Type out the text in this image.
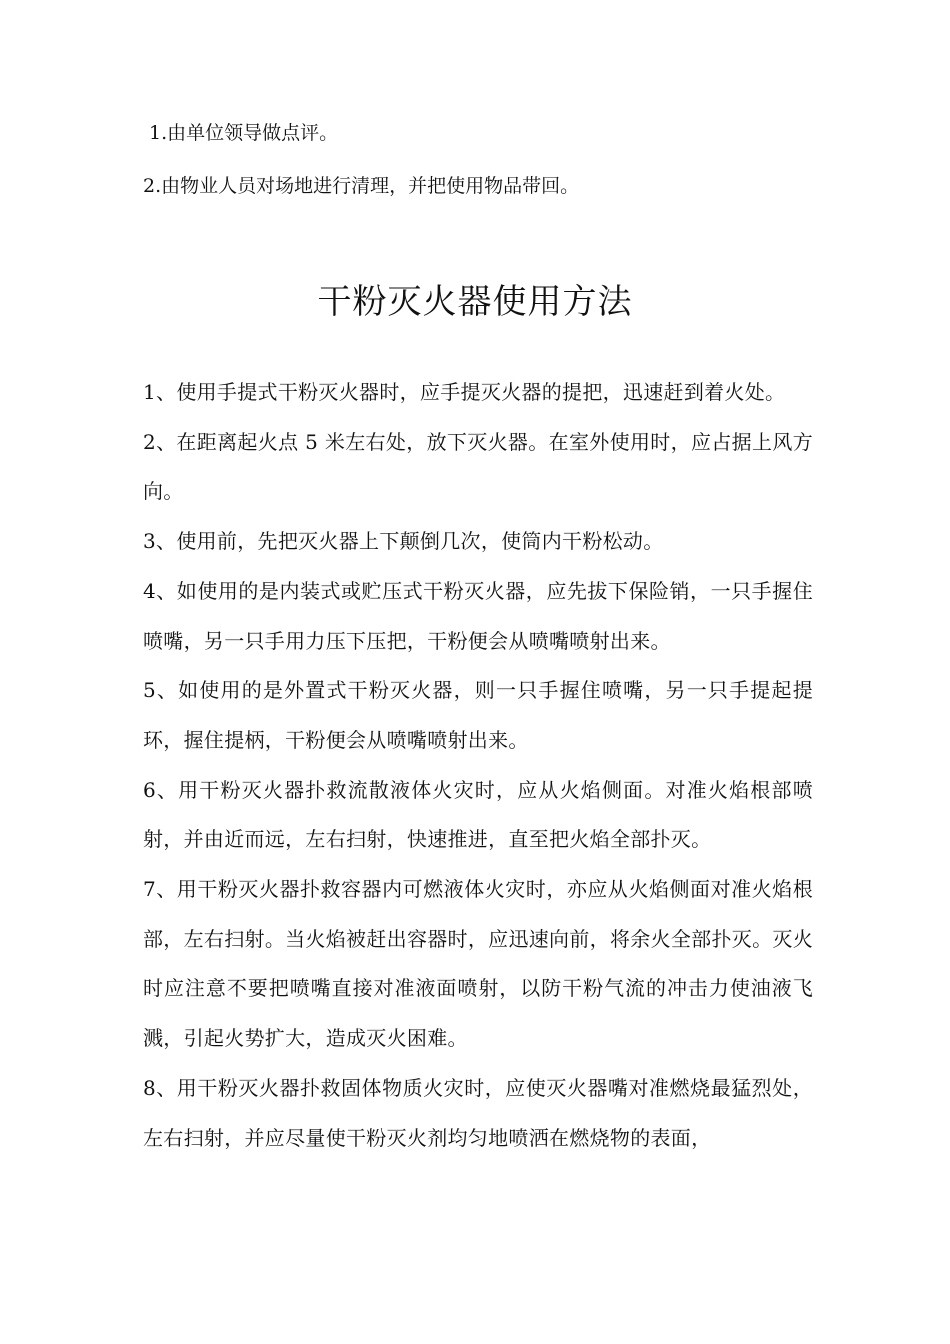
1.由单位领导做点评。
2.由物业人员对场地进行清理，并把使用物品带回。
干粉灭火器使用方法
1、使用手提式干粉灭火器时，应手提灭火器的提把，迅速赶到着火处。
2、在距离起火点 5 米左右处，放下灭火器。在室外使用时，应占据上风方向。
3、使用前，先把灭火器上下颠倒几次，使筒内干粉松动。
4、如使用的是内装式或贮压式干粉灭火器，应先拔下保险销，一只手握住喷嘴，另一只手用力压下压把，干粉便会从喷嘴喷射出来。
5、如使用的是外置式干粉灭火器，则一只手握住喷嘴，另一只手提起提环，握住提柄，干粉便会从喷嘴喷射出来。
6、用干粉灭火器扑救流散液体火灾时，应从火焰侧面。对准火焰根部喷射，并由近而远，左右扫射，快速推进，直至把火焰全部扑灭。
7、用干粉灭火器扑救容器内可燃液体火灾时，亦应从火焰侧面对准火焰根部，左右扫射。当火焰被赶出容器时，应迅速向前，将余火全部扑灭。灭火时应注意不要把喷嘴直接对准液面喷射，以防干粉气流的冲击力使油液飞溅，引起火势扩大，造成灭火困难。
8、用干粉灭火器扑救固体物质火灾时，应使灭火器嘴对准燃烧最猛烈处，左右扫射，并应尽量使干粉灭火剂均匀地喷洒在燃烧物的表面，
